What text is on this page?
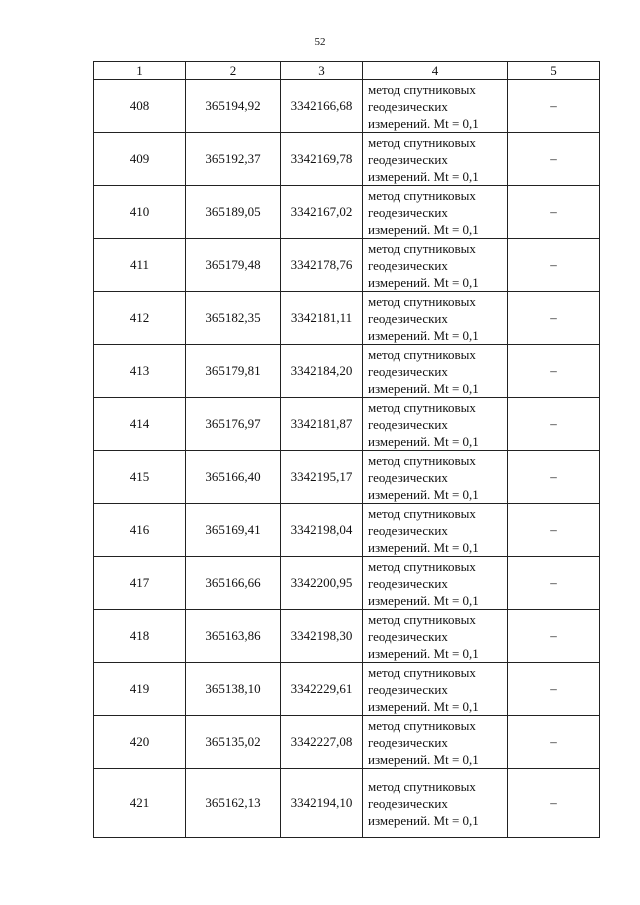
52
1	2	3	4	5
408	365194,92	3342166,68	метод спутниковых
геодезических
измерений. Mt = 0,1	–
409	365192,37	3342169,78	метод спутниковых
геодезических
измерений. Mt = 0,1	–
410	365189,05	3342167,02	метод спутниковых
геодезических
измерений. Mt = 0,1	–
411	365179,48	3342178,76	метод спутниковых
геодезических
измерений. Mt = 0,1	–
412	365182,35	3342181,11	метод спутниковых
геодезических
измерений. Mt = 0,1	–
413	365179,81	3342184,20	метод спутниковых
геодезических
измерений. Mt = 0,1	–
414	365176,97	3342181,87	метод спутниковых
геодезических
измерений. Mt = 0,1	–
415	365166,40	3342195,17	метод спутниковых
геодезических
измерений. Mt = 0,1	–
416	365169,41	3342198,04	метод спутниковых
геодезических
измерений. Mt = 0,1	–
417	365166,66	3342200,95	метод спутниковых
геодезических
измерений. Mt = 0,1	–
418	365163,86	3342198,30	метод спутниковых
геодезических
измерений. Mt = 0,1	–
419	365138,10	3342229,61	метод спутниковых
геодезических
измерений. Mt = 0,1	–
420	365135,02	3342227,08	метод спутниковых
геодезических
измерений. Mt = 0,1	–
421	365162,13	3342194,10	метод спутниковых
геодезических
измерений. Mt = 0,1	–
